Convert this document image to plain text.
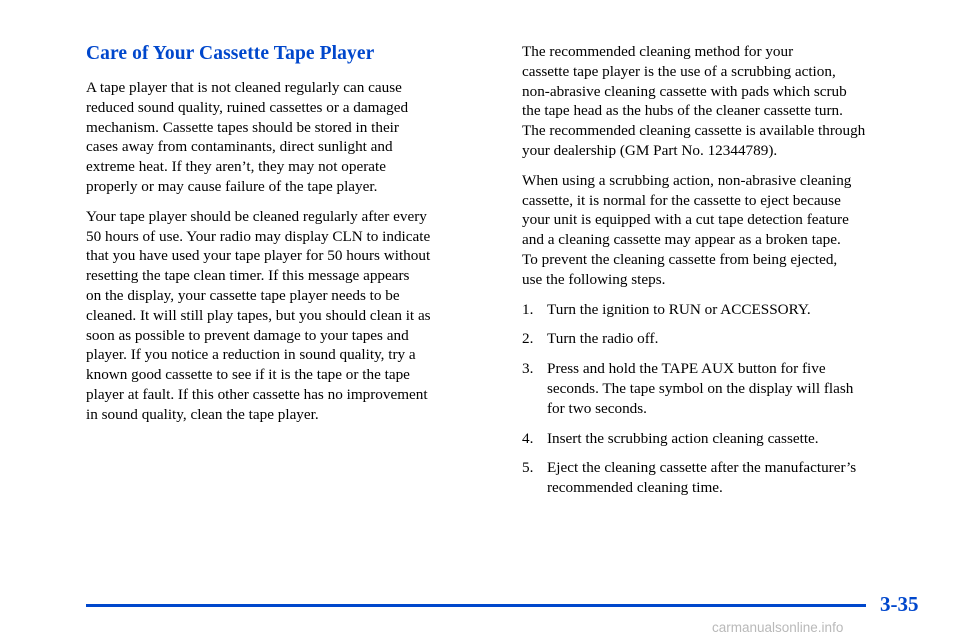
Care of Your Cassette Tape Player
A tape player that is not cleaned regularly can cause
reduced sound quality, ruined cassettes or a damaged
mechanism. Cassette tapes should be stored in their
cases away from contaminants, direct sunlight and
extreme heat. If they aren’t, they may not operate
properly or may cause failure of the tape player.
Your tape player should be cleaned regularly after every
50 hours of use. Your radio may display CLN to indicate
that you have used your tape player for 50 hours without
resetting the tape clean timer. If this message appears
on the display, your cassette tape player needs to be
cleaned. It will still play tapes, but you should clean it as
soon as possible to prevent damage to your tapes and
player. If you notice a reduction in sound quality, try a
known good cassette to see if it is the tape or the tape
player at fault. If this other cassette has no improvement
in sound quality, clean the tape player.
The recommended cleaning method for your
cassette tape player is the use of a scrubbing action,
non‑abrasive cleaning cassette with pads which scrub
the tape head as the hubs of the cleaner cassette turn.
The recommended cleaning cassette is available through
your dealership (GM Part No. 12344789).
When using a scrubbing action, non‑abrasive cleaning
cassette, it is normal for the cassette to eject because
your unit is equipped with a cut tape detection feature
and a cleaning cassette may appear as a broken tape.
To prevent the cleaning cassette from being ejected,
use the following steps.
1. Turn the ignition to RUN or ACCESSORY.
2. Turn the radio off.
3. Press and hold the TAPE AUX button for five
seconds. The tape symbol on the display will flash
for two seconds.
4. Insert the scrubbing action cleaning cassette.
5. Eject the cleaning cassette after the manufacturer’s
recommended cleaning time.
3-35
carmanualsonline.info
